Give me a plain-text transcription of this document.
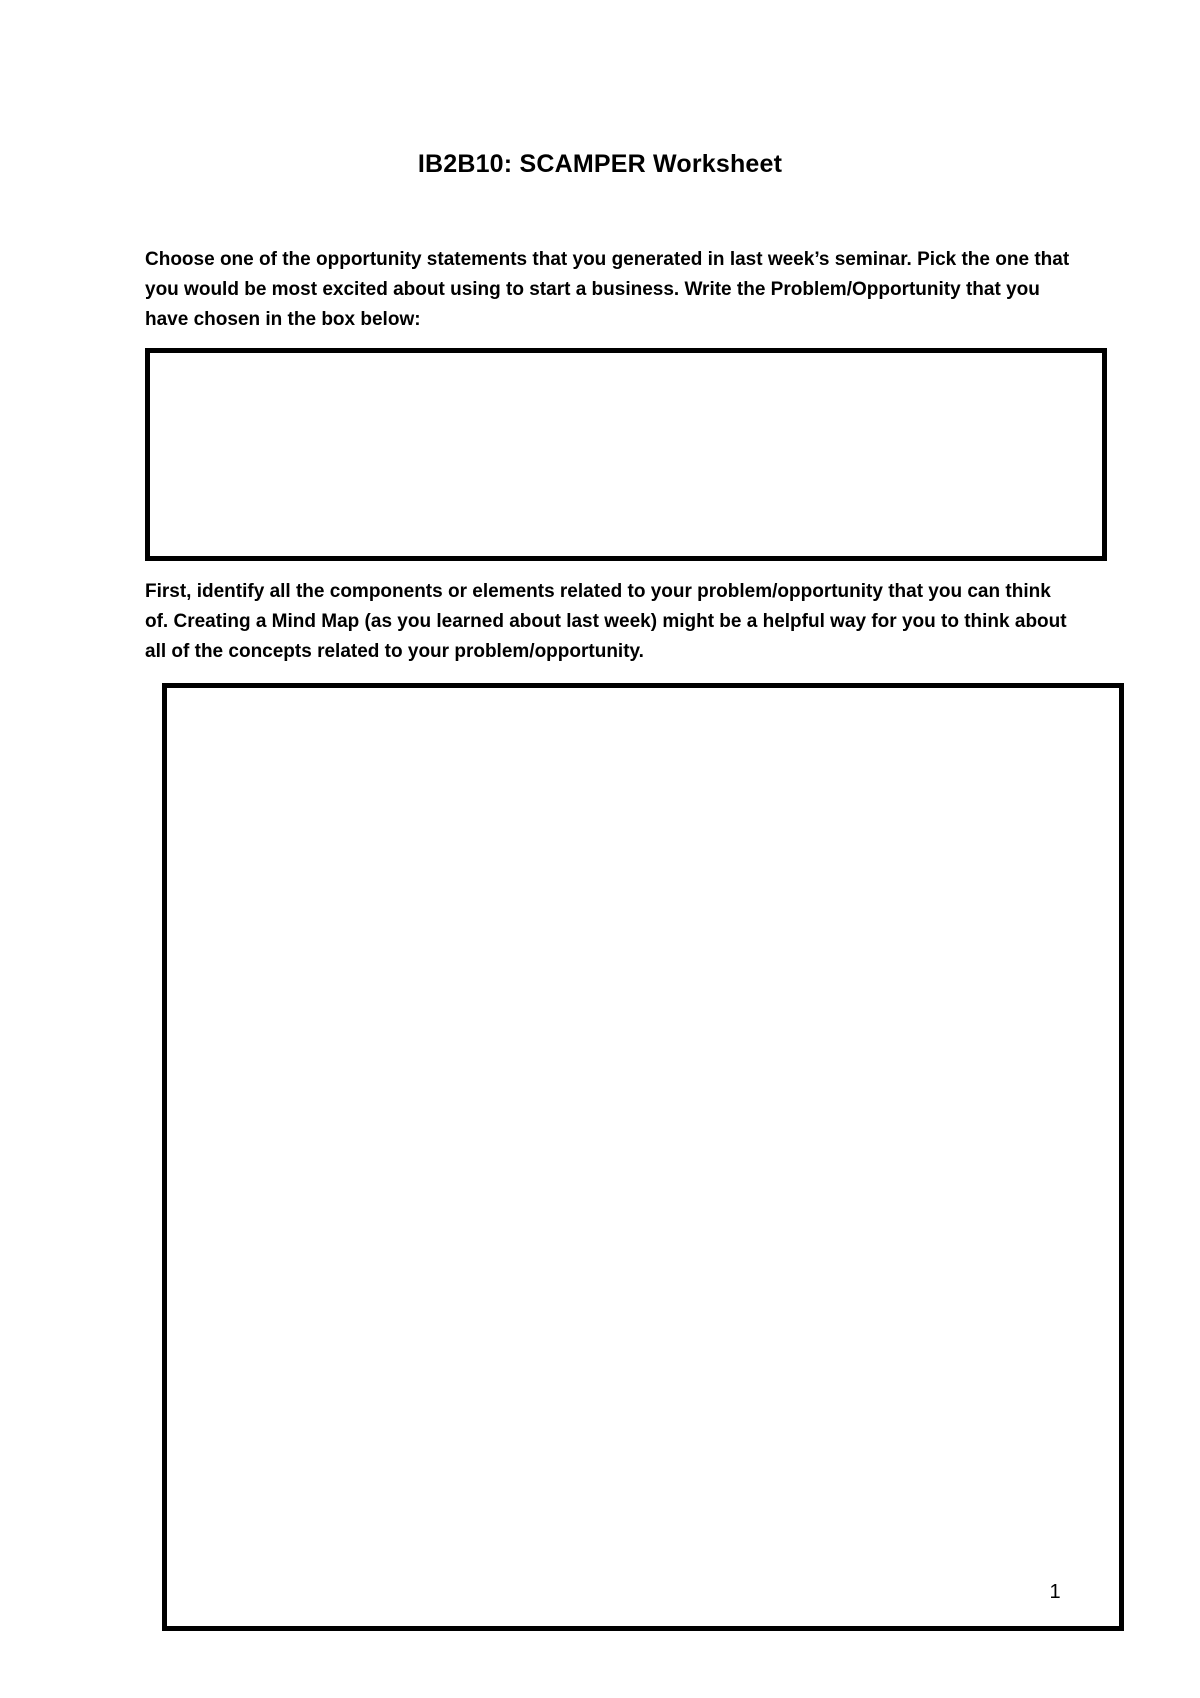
IB2B10: SCAMPER Worksheet

Choose one of the opportunity statements that you generated in last week’s seminar. Pick the one that you would be most excited about using to start a business. Write the Problem/Opportunity that you have chosen in the box below:

First, identify all the components or elements related to your problem/opportunity that you can think of. Creating a Mind Map (as you learned about last week) might be a helpful way for you to think about all of the concepts related to your problem/opportunity.

1
